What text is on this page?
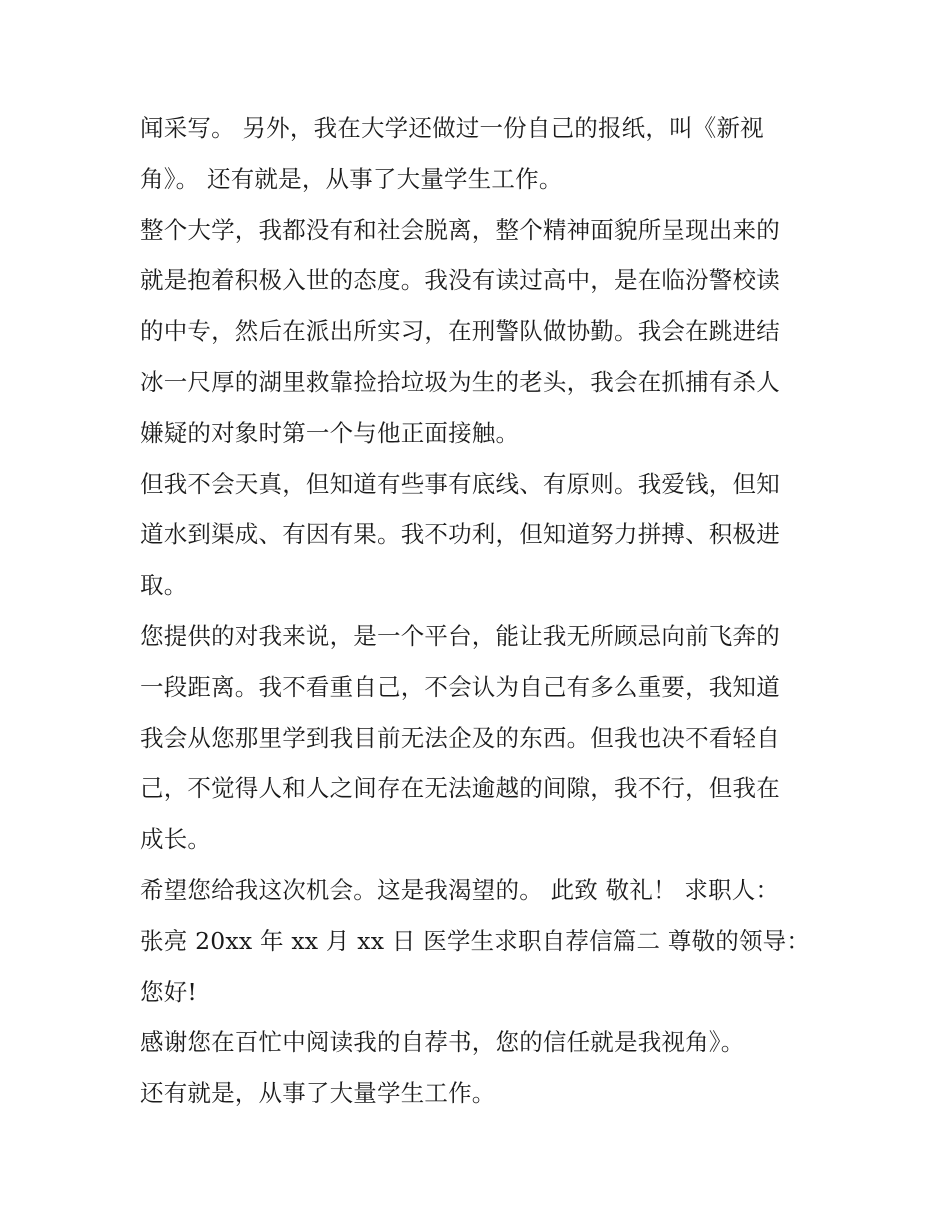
闻采写。 另外，我在大学还做过一份自己的报纸，叫《新视
角》。 还有就是，从事了大量学生工作。
整个大学，我都没有和社会脱离，整个精神面貌所呈现出来的
就是抱着积极入世的态度。我没有读过高中，是在临汾警校读
的中专，然后在派出所实习，在刑警队做协勤。我会在跳进结
冰一尺厚的湖里救靠捡拾垃圾为生的老头，我会在抓捕有杀人
嫌疑的对象时第一个与他正面接触。
但我不会天真，但知道有些事有底线、有原则。我爱钱，但知
道水到渠成、有因有果。我不功利，但知道努力拼搏、积极进
取。
您提供的对我来说，是一个平台，能让我无所顾忌向前飞奔的
一段距离。我不看重自己，不会认为自己有多么重要，我知道
我会从您那里学到我目前无法企及的东西。但我也决不看轻自
己，不觉得人和人之间存在无法逾越的间隙，我不行，但我在
成长。
希望您给我这次机会。这是我渴望的。 此致 敬礼！ 求职人：
张亮 20xx 年 xx 月 xx 日 医学生求职自荐信篇二 尊敬的领导：
您好!
感谢您在百忙中阅读我的自荐书，您的信任就是我视角》。
还有就是，从事了大量学生工作。
